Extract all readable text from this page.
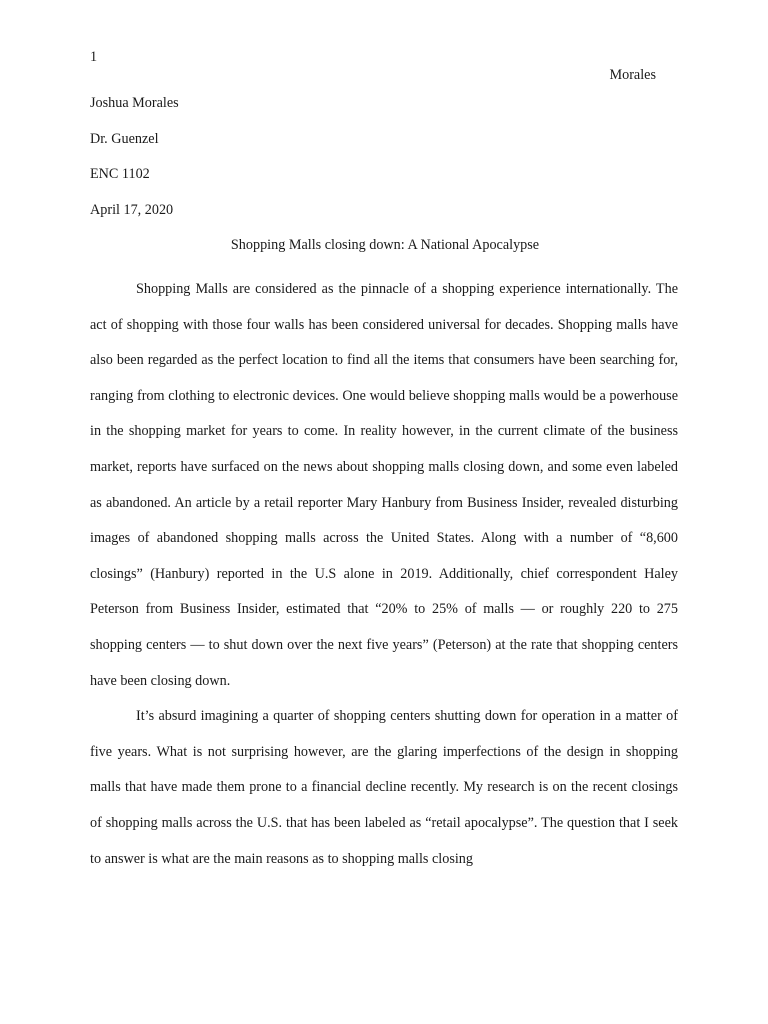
1
Morales
Joshua Morales
Dr. Guenzel
ENC 1102
April 17, 2020
Shopping Malls closing down: A National Apocalypse

Shopping Malls are considered as the pinnacle of a shopping experience internationally. The act of shopping with those four walls has been considered universal for decades. Shopping malls have also been regarded as the perfect location to find all the items that consumers have been searching for, ranging from clothing to electronic devices. One would believe shopping malls would be a powerhouse in the shopping market for years to come. In reality however, in the current climate of the business market, reports have surfaced on the news about shopping malls closing down, and some even labeled as abandoned. An article by a retail reporter Mary Hanbury from Business Insider, revealed disturbing images of abandoned shopping malls across the United States. Along with a number of “8,600 closings” (Hanbury) reported in the U.S alone in 2019. Additionally, chief correspondent Haley Peterson from Business Insider, estimated that “20% to 25% of malls — or roughly 220 to 275 shopping centers — to shut down over the next five years” (Peterson) at the rate that shopping centers have been closing down.

It’s absurd imagining a quarter of shopping centers shutting down for operation in a matter of five years. What is not surprising however, are the glaring imperfections of the design in shopping malls that have made them prone to a financial decline recently. My research is on the recent closings of shopping malls across the U.S. that has been labeled as “retail apocalypse”. The question that I seek to answer is what are the main reasons as to shopping malls closing
